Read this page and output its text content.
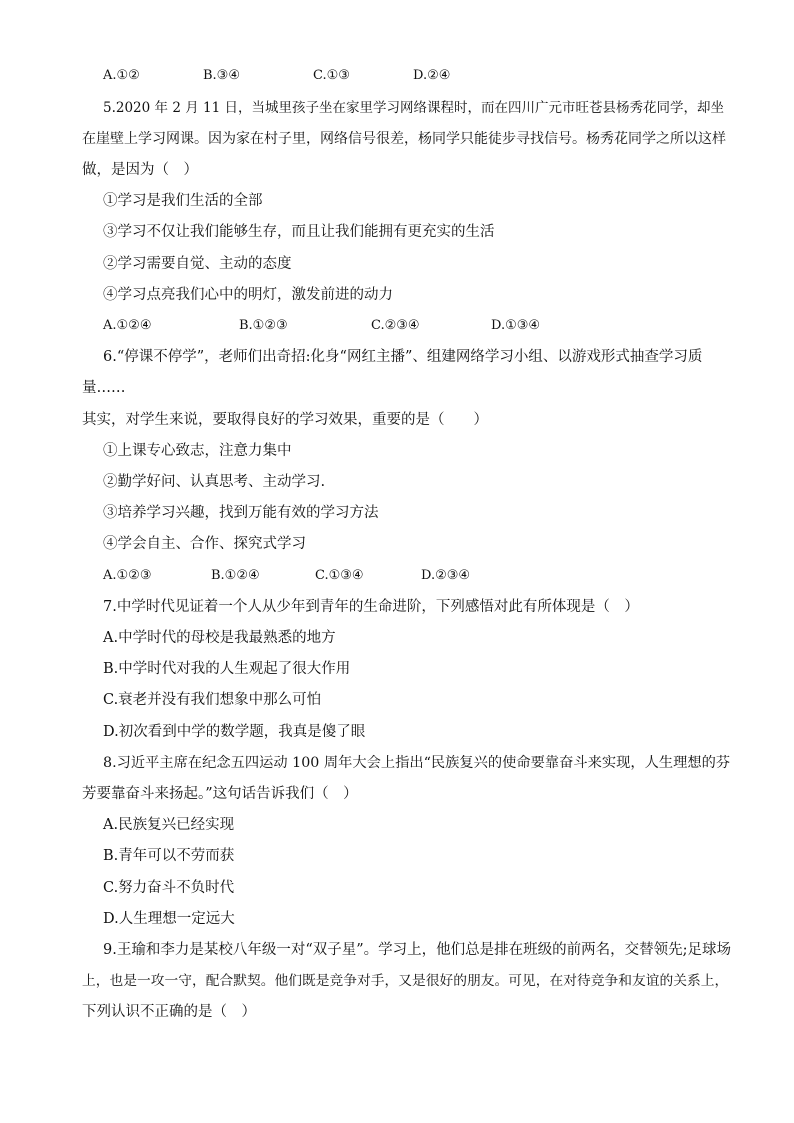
A.①②	B.③④	C.①③	D.②④
5.2020 年 2 月 11 日，当城里孩子坐在家里学习网络课程时，而在四川广元市旺苍县杨秀花同学，却坐
在崖壁上学习网课。因为家在村子里，网络信号很差，杨同学只能徒步寻找信号。杨秀花同学之所以这样
做，是因为（　）
①学习是我们生活的全部
③学习不仅让我们能够生存，而且让我们能拥有更充实的生活
②学习需要自觉、主动的态度
④学习点亮我们心中的明灯，激发前进的动力
A.①②④	B.①②③	C.②③④	D.①③④
6.“停课不停学”，老师们出奇招:化身“网红主播”、组建网络学习小组、以游戏形式抽查学习质
量……
其实，对学生来说，要取得良好的学习效果，重要的是（　　）
①上课专心致志，注意力集中
②勤学好问、认真思考、主动学习.
③培养学习兴趣，找到万能有效的学习方法
④学会自主、合作、探究式学习
A.①②③	B.①②④	C.①③④	D.②③④
7.中学时代见证着一个人从少年到青年的生命进阶，下列感悟对此有所体现是（　）
A.中学时代的母校是我最熟悉的地方
B.中学时代对我的人生观起了很大作用
C.衰老并没有我们想象中那么可怕
D.初次看到中学的数学题，我真是傻了眼
8.习近平主席在纪念五四运动 100 周年大会上指出“民族复兴的使命要靠奋斗来实现，人生理想的芬
芳要靠奋斗来扬起。”这句话告诉我们（　）
A.民族复兴已经实现
B.青年可以不劳而获
C.努力奋斗不负时代
D.人生理想一定远大
9.王瑜和李力是某校八年级一对“双子星”。学习上，他们总是排在班级的前两名，交替领先;足球场
上，也是一攻一守，配合默契。他们既是竞争对手，又是很好的朋友。可见，在对待竞争和友谊的关系上，
下列认识不正确的是（　）
